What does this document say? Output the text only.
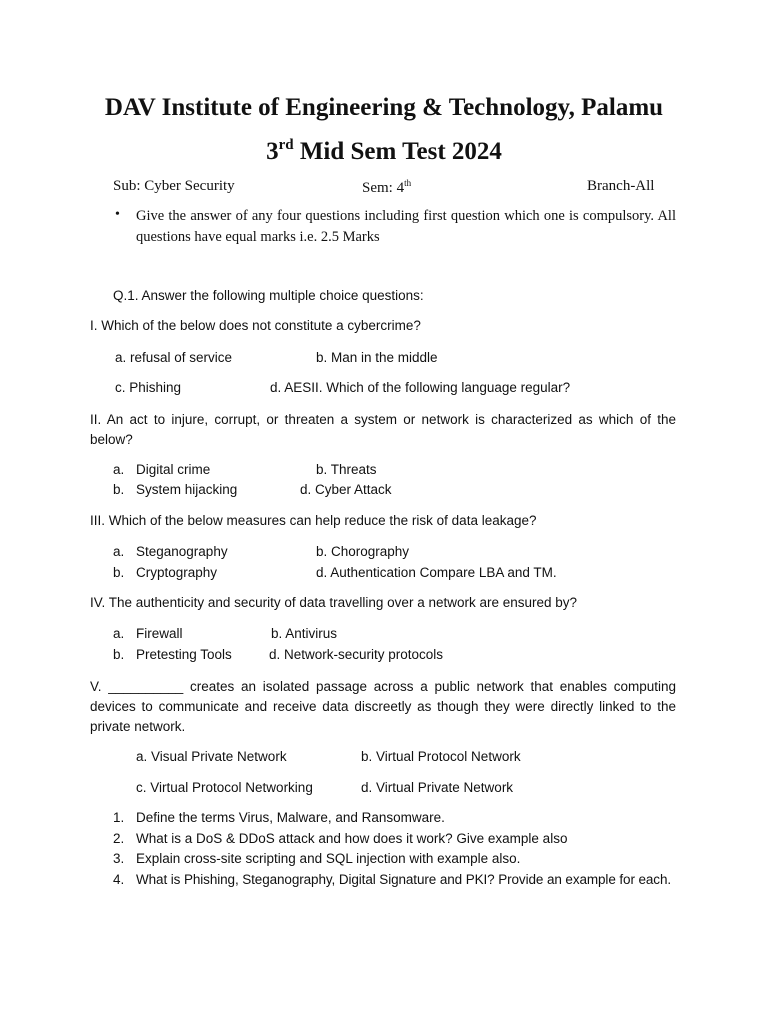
DAV Institute of Engineering & Technology, Palamu
3rd Mid Sem Test 2024
Sub: Cyber Security	Sem: 4th	Branch-All
• Give the answer of any four questions including first question which one is compulsory. All questions have equal marks i.e. 2.5 Marks
Q.1. Answer the following multiple choice questions:
I. Which of the below does not constitute a cybercrime?
a. refusal of service	b. Man in the middle
c. Phishing	d. AESII. Which of the following language regular?
II. An act to injure, corrupt, or threaten a system or network is characterized as which of the below?
a. Digital crime	b. Threats
b. System hijacking	d. Cyber Attack
III. Which of the below measures can help reduce the risk of data leakage?
a. Steganography	b. Chorography
b. Cryptography	d. Authentication Compare LBA and TM.
IV. The authenticity and security of data travelling over a network are ensured by?
a. Firewall	b. Antivirus
b. Pretesting Tools	d. Network-security protocols
V. __________ creates an isolated passage across a public network that enables computing devices to communicate and receive data discreetly as though they were directly linked to the private network.
a. Visual Private Network	b. Virtual Protocol Network
c. Virtual Protocol Networking	d. Virtual Private Network
1. Define the terms Virus, Malware, and Ransomware.
2. What is a DoS & DDoS attack and how does it work? Give example also
3. Explain cross-site scripting and SQL injection with example also.
4. What is Phishing, Steganography, Digital Signature and PKI? Provide an example for each.
